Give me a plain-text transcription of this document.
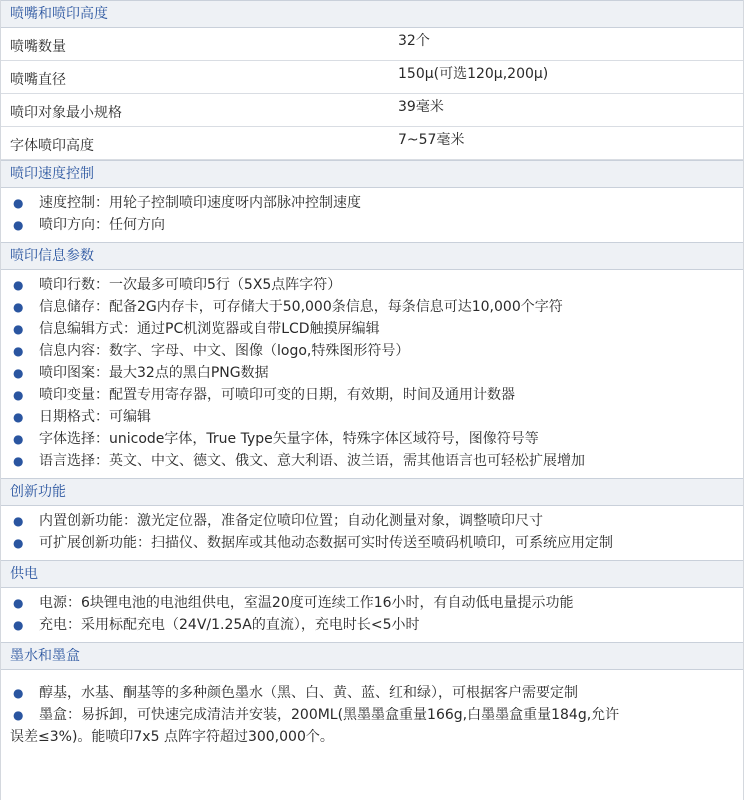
喷嘴和喷印高度
喷嘴数量	32个
喷嘴直径	150μ(可选120μ,200μ)
喷印对象最小规格	39毫米
字体喷印高度	7~57毫米
喷印速度控制
● 速度控制：用轮子控制喷印速度呀内部脉冲控制速度
● 喷印方向：任何方向
喷印信息参数
● 喷印行数：一次最多可喷印5行（5X5点阵字符）
● 信息储存：配备2G内存卡，可存储大于50,000条信息，每条信息可达10,000个字符
● 信息编辑方式：通过PC机浏览器或自带LCD触摸屏编辑
● 信息内容：数字、字母、中文、图像（logo,特殊图形符号）
● 喷印图案：最大32点的黑白PNG数据
● 喷印变量：配置专用寄存器，可喷印可变的日期，有效期，时间及通用计数器
● 日期格式：可编辑
● 字体选择：unicode字体，True Type矢量字体，特殊字体区域符号，图像符号等
● 语言选择：英文、中文、德文、俄文、意大利语、波兰语，需其他语言也可轻松扩展增加
创新功能
● 内置创新功能：激光定位器，准备定位喷印位置；自动化测量对象，调整喷印尺寸
● 可扩展创新功能：扫描仪、数据库或其他动态数据可实时传送至喷码机喷印，可系统应用定制
供电
● 电源：6块锂电池的电池组供电，室温20度可连续工作16小时，有自动低电量提示功能
● 充电：采用标配充电（24V/1.25A的直流），充电时长<5小时
墨水和墨盒
● 醇基，水基、酮基等的多种颜色墨水（黑、白、黄、蓝、红和绿），可根据客户需要定制
● 墨盒：易拆卸，可快速完成清洁并安装，200ML(黑墨墨盒重量166g,白墨墨盒重量184g,允许
误差≤3%)。能喷印7x5 点阵字符超过300,000个。
